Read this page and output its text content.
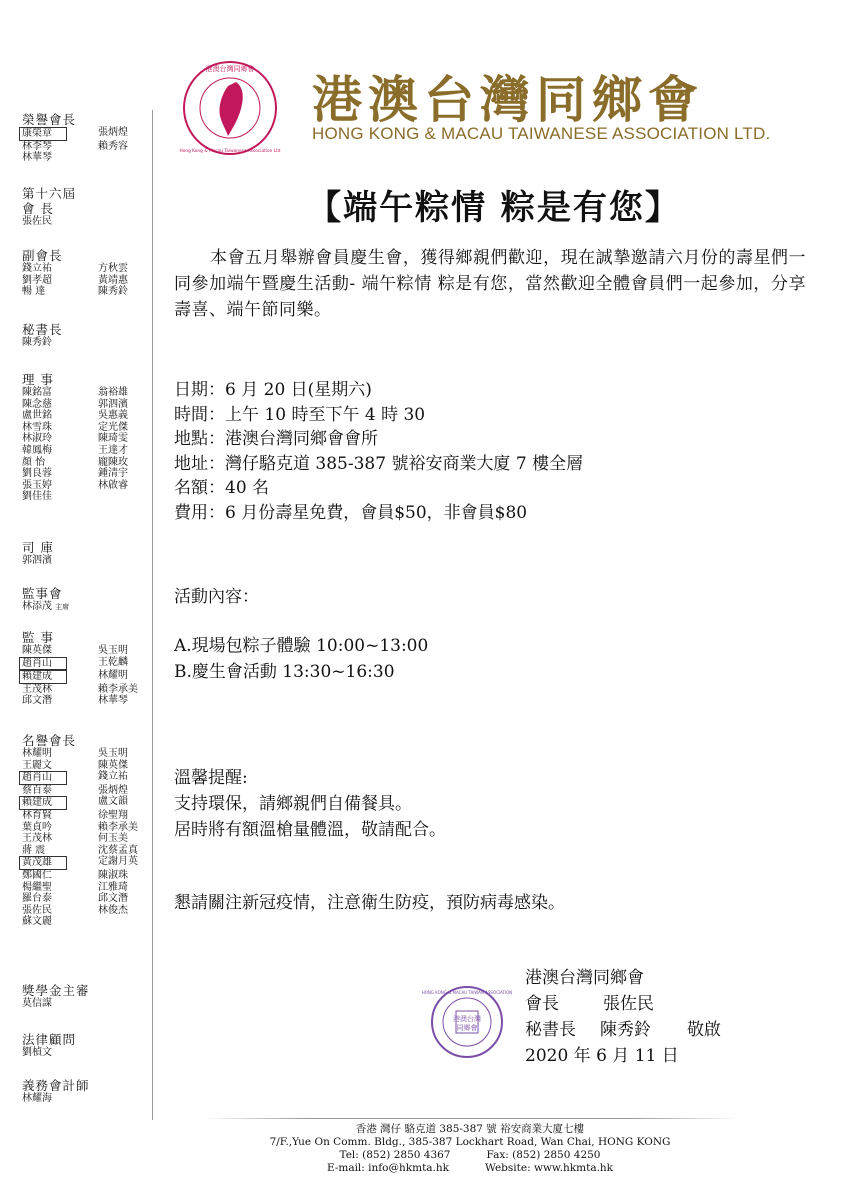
榮譽會長
康榮章	張炳煌
林李琴	賴秀容
林華琴
第十六屆
會 長
張佐民
副會長
錢立祐	方秋雲
劉孝超	黃靖惠
暢 達	陳秀鈴
秘書長
陳秀鈴
理 事
陳銘富	翁裕雄
陳念慈	郭泗濱
盧世銘	吳惠義
林雪珠	定光傑
林淑玲	陳琦雯
韓鳳梅	王達才
顏 怡	龐陳玫
劉良蓉	鍾清宇
張玉婷	林啟睿
劉佳佳
司 庫
郭泗濱
監事會
林添茂 主席
監 事
陳英傑	吳玉明
趙肖山	王乾麟
賴建成	林耀明
王茂林	賴李承美
邱文潛	林華琴
名譽會長
林耀明	吳玉明
王麗文	陳英傑
趙肖山	錢立祐
蔡百泰	張炳煌
賴建成	盧文韻
林育賢	徐聖翔
葉貞吟	賴李承美
王茂林	何玉美
蔣 震	沈蔡孟真
黃茂雄	定謝月英
鄭國仁	陳淑珠
楊繼聖	江雅琦
羅台泰	邱文潛
張佐民	林俊杰
蘇文麗
獎學金主審
莫信謀
法律顧問
劉楨文
義務會計師
林耀海
港澳台灣同鄉會
Hong Kong & Macau Taiwanese Association Ltd
港澳台灣同鄉會
HONG KONG & MACAU TAIWANESE ASSOCIATION LTD.
【端午粽情 粽是有您】
本會五月舉辦會員慶生會，獲得鄉親們歡迎，現在誠摯邀請六月份的壽星們一同參加端午暨慶生活動- 端午粽情 粽是有您，當然歡迎全體會員們一起參加，分享壽喜、端午節同樂。
日期：6 月 20 日(星期六)
時間：上午 10 時至下午 4 時 30
地點：港澳台灣同鄉會會所
地址：灣仔駱克道 385-387 號裕安商業大廈 7 樓全層
名額：40 名
費用：6 月份壽星免費，會員$50，非會員$80
活動內容：
A.現場包粽子體驗 10:00~13:00
B.慶生會活動 13:30~16:30
溫馨提醒:
支持環保，請鄉親們自備餐具。
居時將有額溫槍量體溫，敬請配合。
懇請關注新冠疫情，注意衛生防疫，預防病毒感染。
港澳台灣
同鄉會
HONG KONG & MACAU TAIWAN ASSOCIATION
港澳台灣同鄉會
會長	張佐民
秘書長 陳秀鈴 敬啟
2020 年 6 月 11 日
香港 灣仔 駱克道 385-387 號 裕安商業大廈七樓
7/F.,Yue On Comm. Bldg., 385-387 Lockhart Road, Wan Chai, HONG KONG
Tel: (852) 2850 4367	Fax: (852) 2850 4250
E-mail: info@hkmta.hk	Website: www.hkmta.hk
